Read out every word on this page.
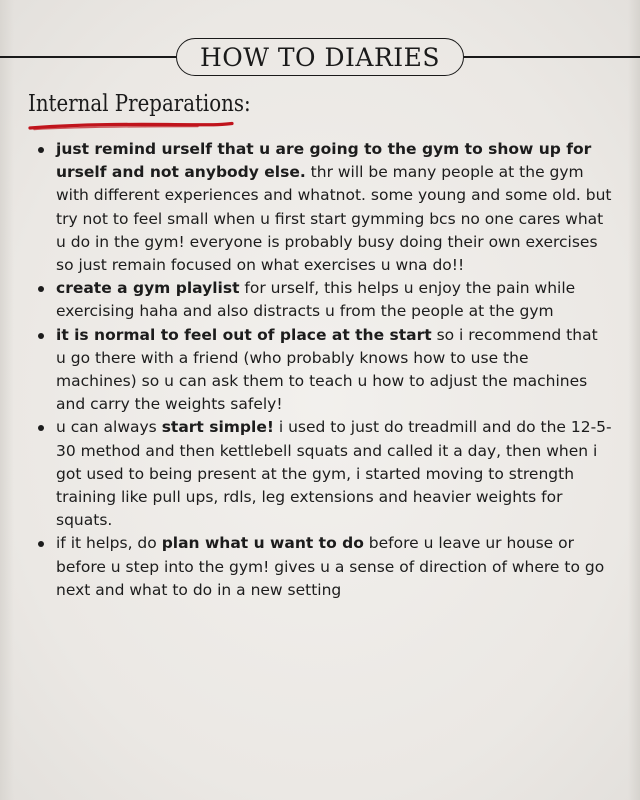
HOW TO DIARIES
Internal Preparations:
just remind urself that u are going to the gym to show up for urself and not anybody else. thr will be many people at the gym with different experiences and whatnot. some young and some old. but try not to feel small when u first start gymming bcs no one cares what u do in the gym! everyone is probably busy doing their own exercises so just remain focused on what exercises u wna do!!
create a gym playlist for urself, this helps u enjoy the pain while exercising haha and also distracts u from the people at the gym
it is normal to feel out of place at the start so i recommend that u go there with a friend (who probably knows how to use the machines) so u can ask them to teach u how to adjust the machines and carry the weights safely!
u can always start simple! i used to just do treadmill and do the 12-5-30 method and then kettlebell squats and called it a day, then when i got used to being present at the gym, i started moving to strength training like pull ups, rdls, leg extensions and heavier weights for squats.
if it helps, do plan what u want to do before u leave ur house or before u step into the gym! gives u a sense of direction of where to go next and what to do in a new setting
